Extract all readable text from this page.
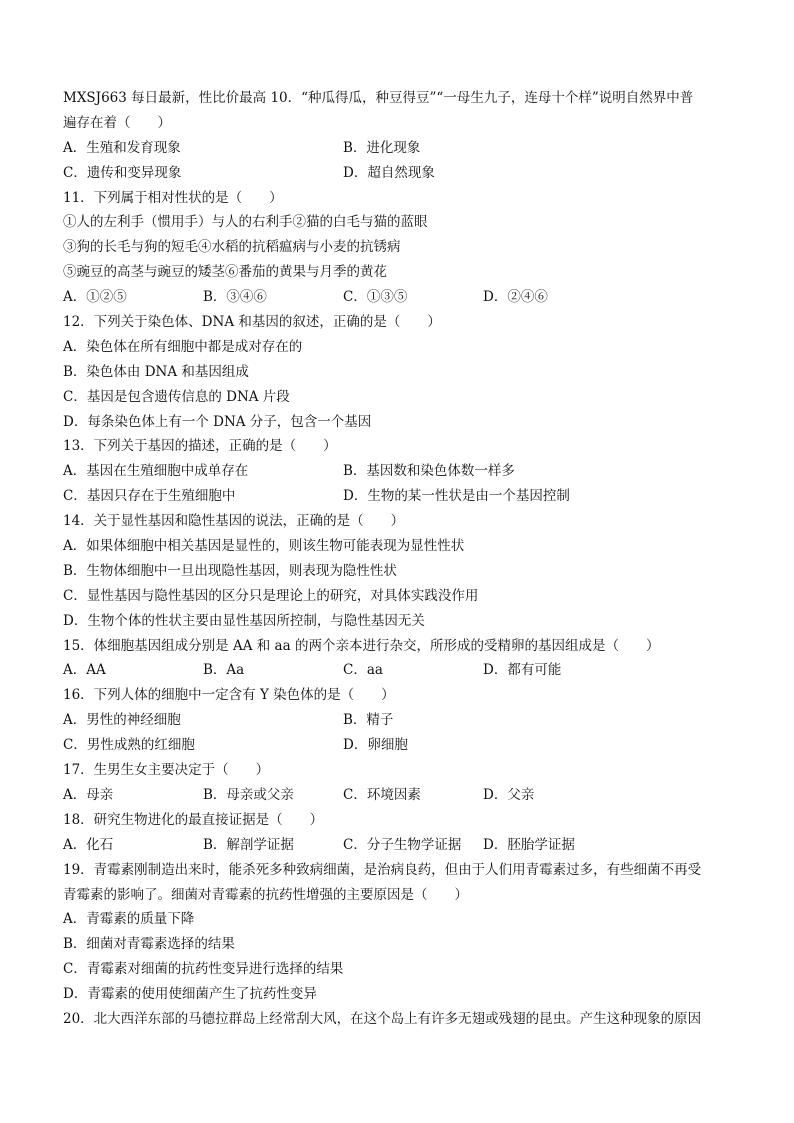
MXSJ663 每日最新，性比价最高 10．“种瓜得瓜，种豆得豆”“一母生九子，连母十个样”说明自然界中普
遍存在着（　　）
A．生殖和发育现象	B．进化现象
C．遗传和变异现象	D．超自然现象
11．下列属于相对性状的是（　　）
①人的左利手（惯用手）与人的右利手②猫的白毛与猫的蓝眼
③狗的长毛与狗的短毛④水稻的抗稻瘟病与小麦的抗锈病
⑤豌豆的高茎与豌豆的矮茎⑥番茄的黄果与月季的黄花
A．①②⑤	B．③④⑥	C．①③⑤	D．②④⑥
12．下列关于染色体、DNA 和基因的叙述，正确的是（　　）
A．染色体在所有细胞中都是成对存在的
B．染色体由 DNA 和基因组成
C．基因是包含遗传信息的 DNA 片段
D．每条染色体上有一个 DNA 分子，包含一个基因
13．下列关于基因的描述，正确的是（　　）
A．基因在生殖细胞中成单存在	B．基因数和染色体数一样多
C．基因只存在于生殖细胞中	D．生物的某一性状是由一个基因控制
14．关于显性基因和隐性基因的说法，正确的是（　　）
A．如果体细胞中相关基因是显性的，则该生物可能表现为显性性状
B．生物体细胞中一旦出现隐性基因，则表现为隐性性状
C．显性基因与隐性基因的区分只是理论上的研究，对具体实践没作用
D．生物个体的性状主要由显性基因所控制，与隐性基因无关
15．体细胞基因组成分别是 AA 和 aa 的两个亲本进行杂交，所形成的受精卵的基因组成是（　　）
A．AA	B．Aa	C．aa	D．都有可能
16．下列人体的细胞中一定含有 Y 染色体的是（　　）
A．男性的神经细胞	B．精子
C．男性成熟的红细胞	D．卵细胞
17．生男生女主要决定于（　　）
A．母亲	B．母亲或父亲	C．环境因素	D．父亲
18．研究生物进化的最直接证据是（　　）
A．化石	B．解剖学证据	C．分子生物学证据	D．胚胎学证据
19．青霉素刚制造出来时，能杀死多种致病细菌，是治病良药，但由于人们用青霉素过多，有些细菌不再受
青霉素的影响了。细菌对青霉素的抗药性增强的主要原因是（　　）
A．青霉素的质量下降
B．细菌对青霉素选择的结果
C．青霉素对细菌的抗药性变异进行选择的结果
D．青霉素的使用使细菌产生了抗药性变异
20．北大西洋东部的马德拉群岛上经常刮大风，在这个岛上有许多无翅或残翅的昆虫。产生这种现象的原因
